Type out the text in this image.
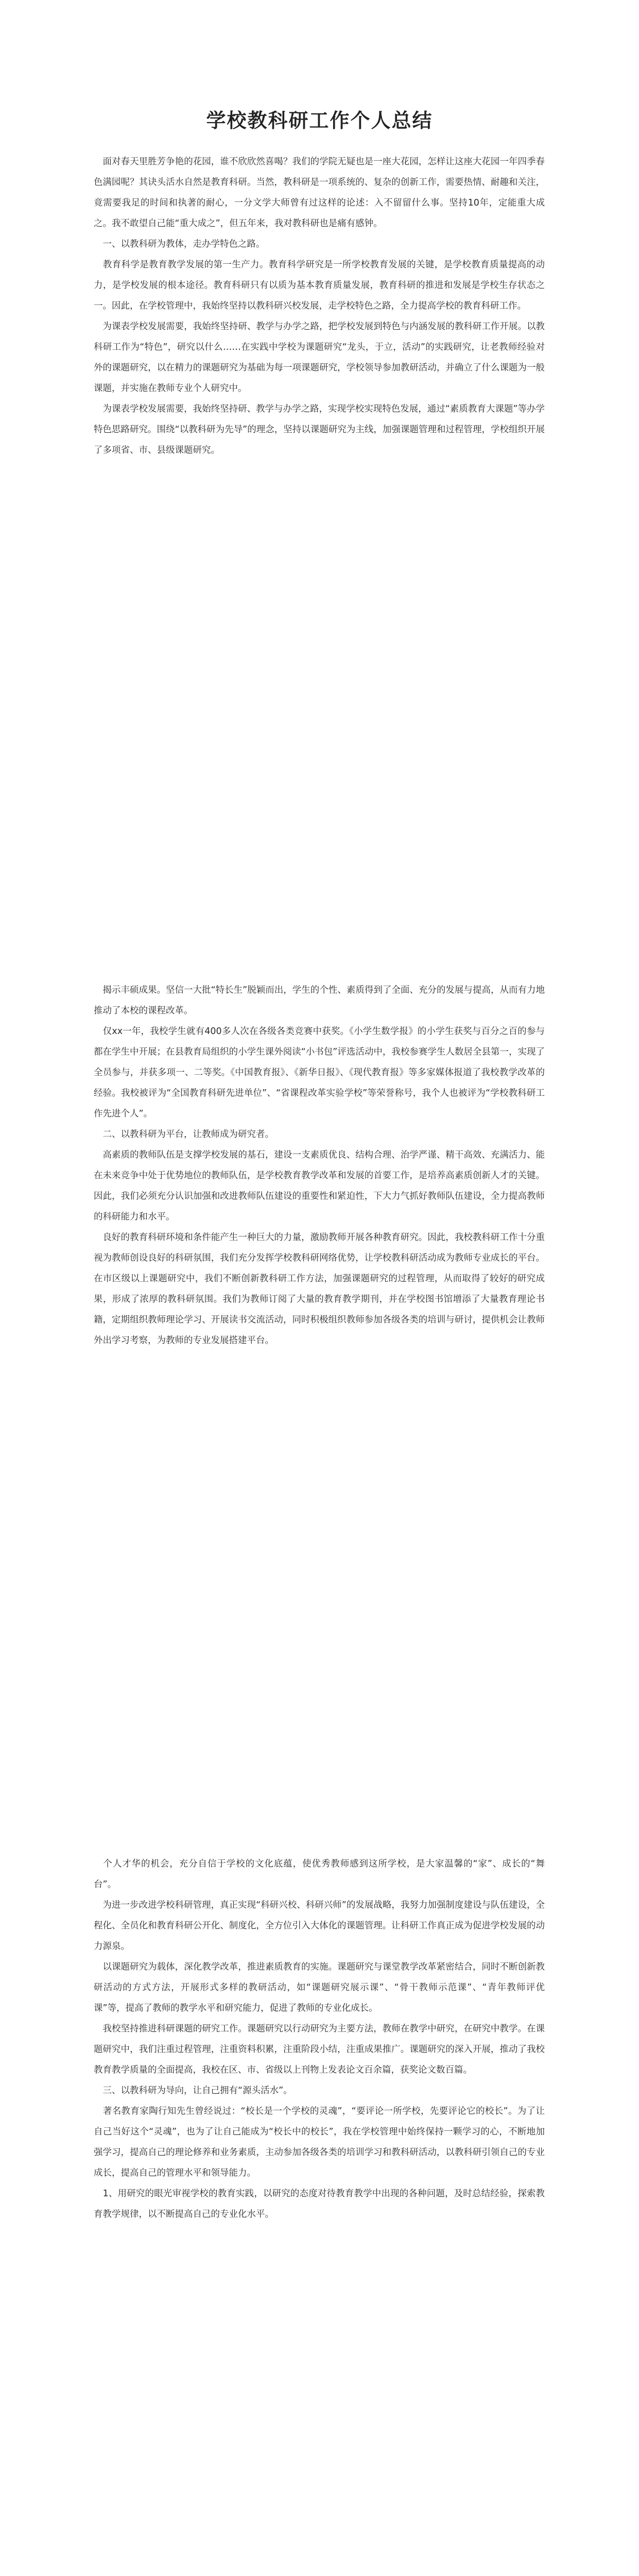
学校教科研工作个人总结

　面对春天里胜芳争艳的花园，谁不欣欣然喜喝？我们的学院无疑也是一座大花园，怎样让这座大花园一年四季春色满园呢？其诀头活水自然是教育科研。当然，教科研是一项系统的、复杂的创新工作，需要热情、耐趣和关注，竟需要我足的时间和执著的耐心，一分文学大师曾有过这样的论述：入不留留什么事。坚持10年，定能重大成之。我不敢望自己能“重大成之”，但五年来，我对教科研也是痛有感钟。

　一、以教科研为教体，走办学特色之路。

　教育科学是教育教学发展的第一生产力。教育科学研究是一所学校教育发展的关键，是学校教育质量提高的动力，是学校发展的根本途径。教育科研只有以质为基本教育质量发展，教育科研的推进和发展是学校生存状态之一。因此，在学校管理中，我始终坚持以教科研兴校发展，走学校特色之路，全力提高学校的教育科研工作。

　为课表学校发展需要，我始终坚持研、教学与办学之路，把学校发展到特色与内涵发展的教科研工作开展。以教科研工作为“特色”，研究以什么……在实践中学校为课题研究“龙头，于立，活动”的实践研究，让老教师经验对外的课题研究，以在精力的课题研究为基础为每一项课题研究，学校领导参加教研活动，并确立了什么课题为一般课题，并实施在教师专业个人研究中。

　为课表学校发展需要，我始终坚持研、教学与办学之路，实现学校实现特色发展，通过“素质教育大课题”等办学特色思路研究。围绕“以教科研为先导”的理念，坚持以课题研究为主线，加强课题管理和过程管理，学校组织开展了多项省、市、县级课题研究。

　揭示丰硕成果。坚信一大批“特长生”脱颖而出，学生的个性、素质得到了全面、充分的发展与提高，从而有力地推动了本校的课程改革。

　仅xx一年，我校学生就有400多人次在各级各类竞赛中获奖。《小学生数学报》的小学生获奖与百分之百的参与都在学生中开展；在县教育局组织的小学生课外阅读“小书包”评选活动中，我校参赛学生人数居全县第一，实现了全员参与，并获多项一、二等奖。《中国教育报》、《新华日报》、《现代教育报》等多家媒体报道了我校教学改革的经验。我校被评为“全国教育科研先进单位”、“省课程改革实验学校”等荣誉称号，我个人也被评为“学校教科研工作先进个人”。

　二、以教科研为平台，让教师成为研究者。

　高素质的教师队伍是支撑学校发展的基石，建设一支素质优良、结构合理、治学严谨、精干高效、充满活力、能在未来竞争中处于优势地位的教师队伍，是学校教育教学改革和发展的首要工作，是培养高素质创新人才的关键。因此，我们必须充分认识加强和改进教师队伍建设的重要性和紧迫性，下大力气抓好教师队伍建设，全力提高教师的科研能力和水平。

　良好的教育科研环境和条件能产生一种巨大的力量，激励教师开展各种教育研究。因此，我校教科研工作十分重视为教师创设良好的科研氛围，我们充分发挥学校教科研网络优势，让学校教科研活动成为教师专业成长的平台。在市区级以上课题研究中，我们不断创新教科研工作方法，加强课题研究的过程管理，从而取得了较好的研究成果，形成了浓厚的教科研氛围。我们为教师订阅了大量的教育教学期刊，并在学校图书馆增添了大量教育理论书籍，定期组织教师理论学习、开展读书交流活动，同时积极组织教师参加各级各类的培训与研讨，提供机会让教师外出学习考察，为教师的专业发展搭建平台。

　个人才华的机会，充分自信于学校的文化底蕴，使优秀教师感到这所学校，是大家温馨的“家”、成长的“舞台”。

　为进一步改进学校科研管理，真正实现“科研兴校、科研兴师”的发展战略，我努力加强制度建设与队伍建设，全程化、全员化和教育科研公开化、制度化，全方位引入大体化的课题管理。让科研工作真正成为促进学校发展的动力源泉。

　以课题研究为载体，深化教学改革，推进素质教育的实施。课题研究与课堂教学改革紧密结合，同时不断创新教研活动的方式方法，开展形式多样的教研活动，如“课题研究展示课”、“骨干教师示范课”、“青年教师评优课”等，提高了教师的教学水平和研究能力，促进了教师的专业化成长。

　我校坚持推进科研课题的研究工作。课题研究以行动研究为主要方法，教师在教学中研究，在研究中教学。在课题研究中，我们注重过程管理，注重资料积累，注重阶段小结，注重成果推广。课题研究的深入开展，推动了我校教育教学质量的全面提高，我校在区、市、省级以上刊物上发表论文百余篇，获奖论文数百篇。

　三、以教科研为导向，让自己拥有“源头活水”。

　著名教育家陶行知先生曾经说过：“校长是一个学校的灵魂”，“要评论一所学校，先要评论它的校长”。为了让自己当好这个“灵魂”，也为了让自己能成为“校长中的校长”，我在学校管理中始终保持一颗学习的心，不断地加强学习，提高自己的理论修养和业务素质，主动参加各级各类的培训学习和教科研活动，以教科研引领自己的专业成长，提高自己的管理水平和领导能力。

　1、用研究的眼光审视学校的教育实践，以研究的态度对待教育教学中出现的各种问题，及时总结经验，探索教育教学规律，以不断提高自己的专业化水平。
